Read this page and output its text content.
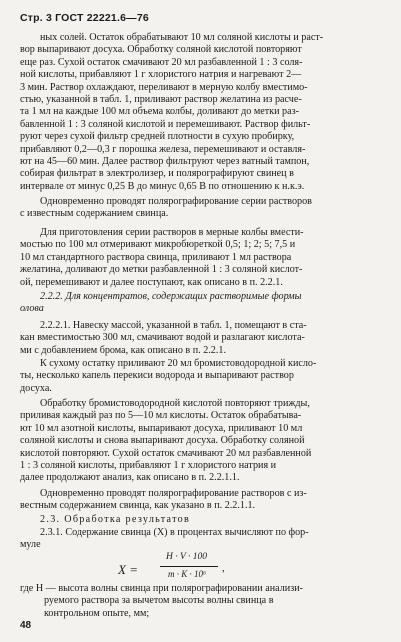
Стр. 3 ГОСТ 22221.6—76
ных солей. Остаток обрабатывают 10 мл соляной кислоты и раст-
вор выпаривают досуха. Обработку соляной кислотой повторяют
еще раз. Сухой остаток смачивают 20 мл разбавленной 1 : 3 соля-
ной кислоты, прибавляют 1 г хлористого натрия и нагревают 2—
3 мин. Раствор охлаждают, переливают в мерную колбу вместимо-
стью, указанной в табл. 1, приливают раствор желатина из расче-
та 1 мл на каждые 100 мл объема колбы, доливают до метки раз-
бавленной 1 : 3 соляной кислотой и перемешивают. Раствор фильт-
руют через сухой фильтр средней плотности в сухую пробирку,
прибавляют 0,2—0,3 г порошка железа, перемешивают и оставля-
ют на 45—60 мин. Далее раствор фильтруют через ватный тампон,
собирая фильтрат в электролизер, и полярографируют свинец в
интервале от минус 0,25 В до минус 0,65 В по отношению к н.к.э.
Одновременно проводят полярографирование серии растворов
с известным содержанием свинца.
Для приготовления серии растворов в мерные колбы вмести-
мостью по 100 мл отмеривают микробюреткой 0,5; 1; 2; 5; 7,5 и
10 мл стандартного раствора свинца, приливают 1 мл раствора
желатина, доливают до метки разбавленной 1 : 3 соляной кислот-
ой, перемешивают и далее поступают, как описано в п. 2.2.1.
2.2.2. Для концентратов, содержащих растворимые формы
олова
2.2.2.1. Навеску массой, указанной в табл. 1, помещают в ста-
кан вместимостью 300 мл, смачивают водой и разлагают кислота-
ми с добавлением брома, как описано в п. 2.2.1.
К сухому остатку приливают 20 мл бромистоводородной кисло-
ты, несколько капель перекиси водорода и выпаривают раствор
досуха.
Обработку бромистоводородной кислотой повторяют трижды,
приливая каждый раз по 5—10 мл кислоты. Остаток обрабатыва-
ют 10 мл азотной кислоты, выпаривают досуха, приливают 10 мл
соляной кислоты и снова выпаривают досуха. Обработку соляной
кислотой повторяют. Сухой остаток смачивают 20 мл разбавленной
1 : 3 соляной кислоты, прибавляют 1 г хлористого натрия и
далее продолжают анализ, как описано в п. 2.2.1.1.
Одновременно проводят полярографирование растворов с из-
вестным содержанием свинца, как указано в п. 2.2.1.1.
2.3. Обработка результатов
2.3.1. Содержание свинца (X) в процентах вычисляют по фор-
муле
X =
H · V · 100
m · K · 10⁶ ,
где H — высота волны свинца при полярографировании анализи-
руемого раствора за вычетом высоты волны свинца в
контрольном опыте, мм;
48
